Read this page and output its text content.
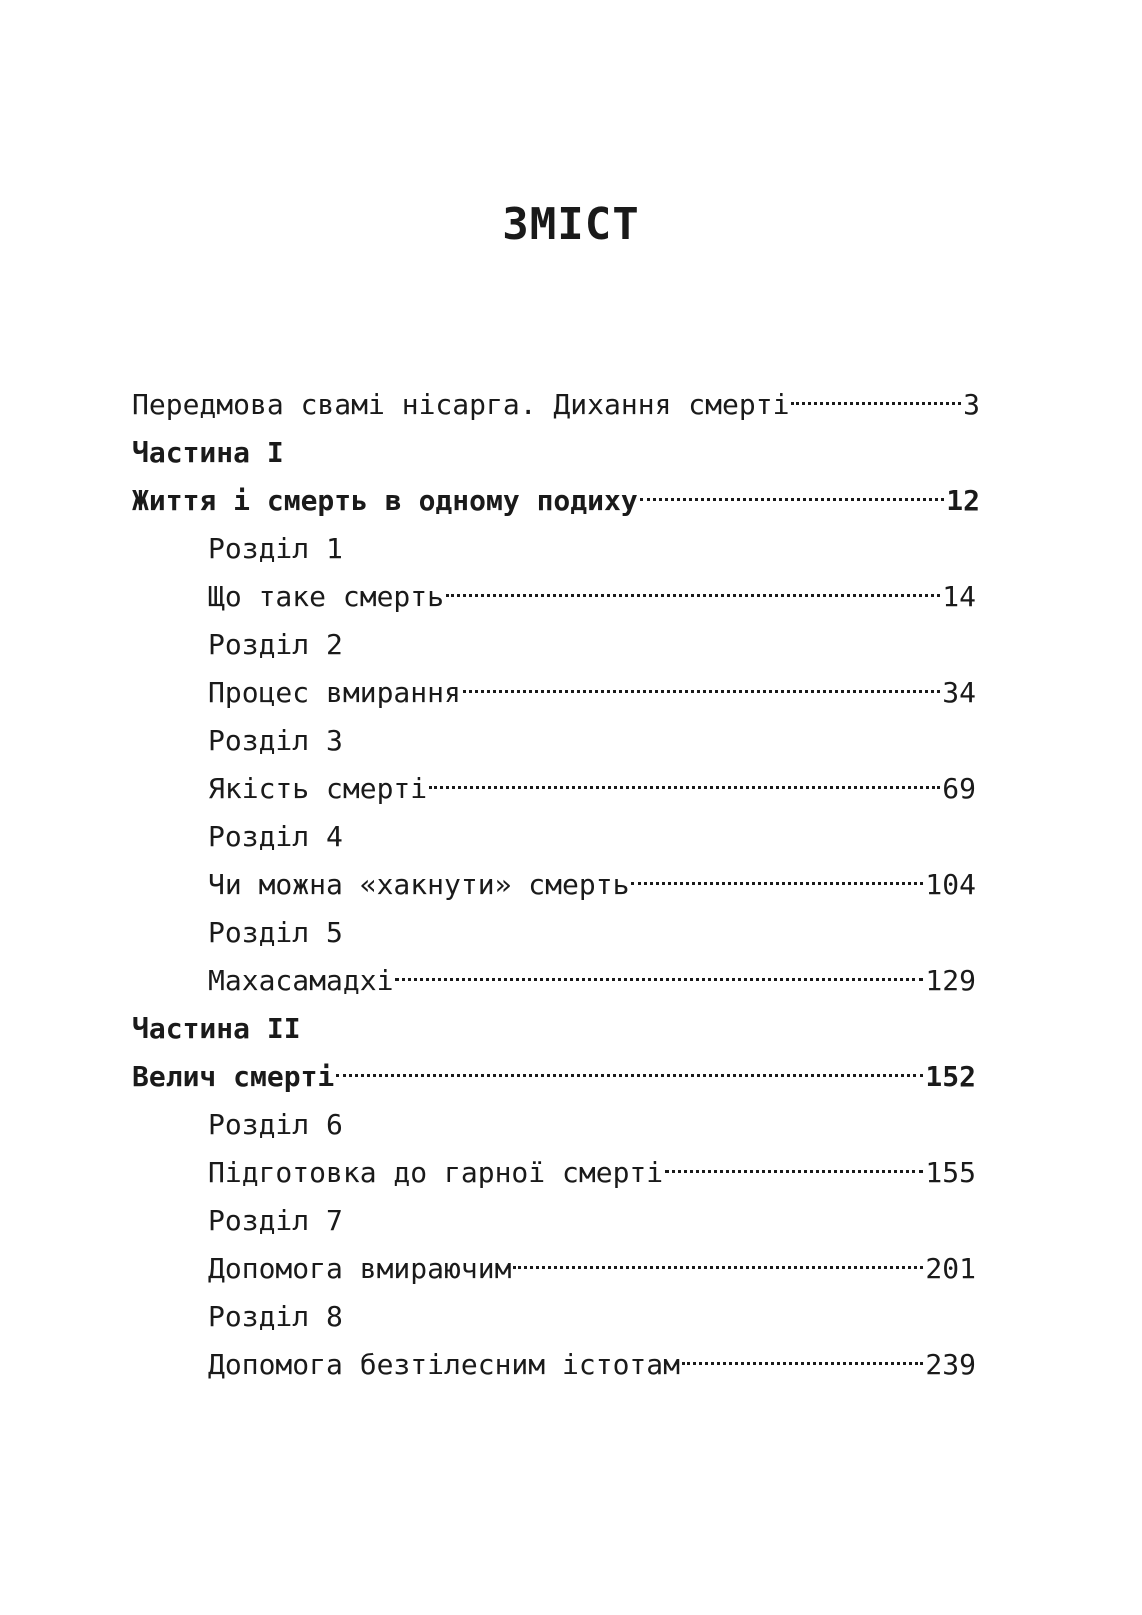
ЗМІСТ
Передмова свамі нісарга. Дихання смерті	3
Частина I
Життя і смерть в одному подиху	12
Розділ 1
Що таке смерть	14
Розділ 2
Процес вмирання	34
Розділ 3
Якість смерті	69
Розділ 4
Чи можна «хакнути» смерть	104
Розділ 5
Махасамадхі	129
Частина II
Велич смерті	152
Розділ 6
Підготовка до гарної смерті	155
Розділ 7
Допомога вмираючим	201
Розділ 8
Допомога безтілесним істотам	239
